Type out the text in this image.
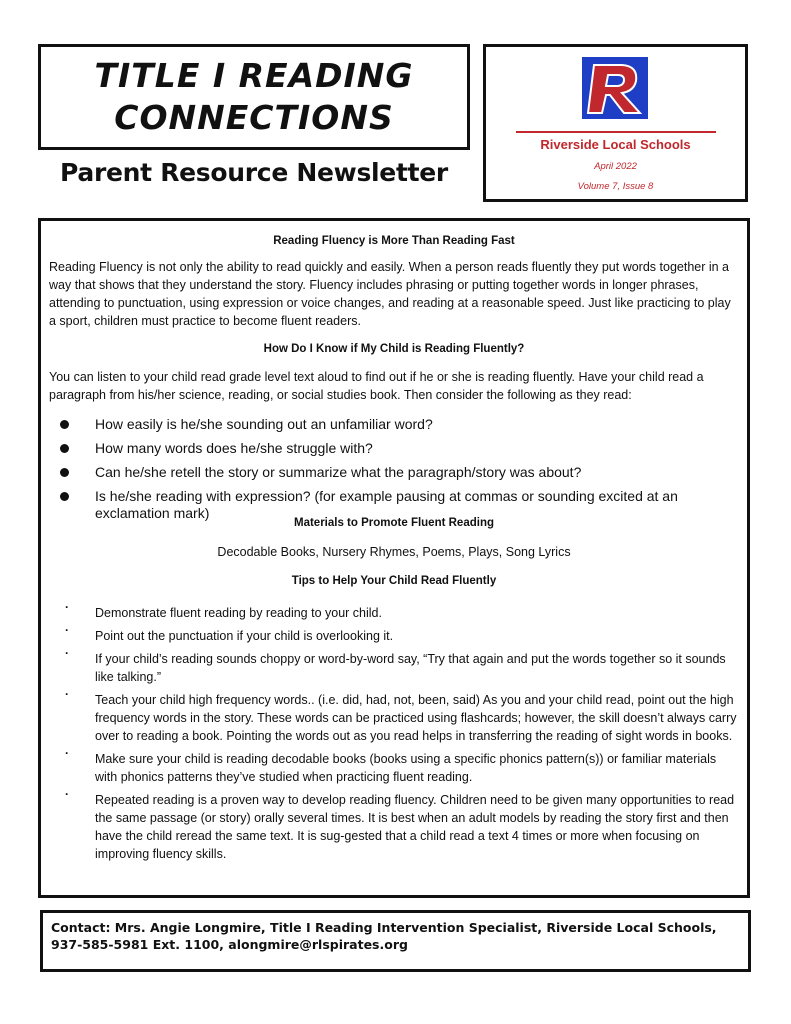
TITLE I READING
CONNECTIONS
Parent Resource Newsletter
Riverside Local Schools
April 2022
Volume 7, Issue 8

Reading Fluency is More Than Reading Fast

Reading Fluency is not only the ability to read quickly and easily. When a person reads fluently they put words together in a way that shows that they understand the story. Fluency includes phrasing or putting together words in longer phrases, attending to punctuation, using expression or voice changes, and reading at a reasonable speed. Just like practicing to play a sport, children must practice to become fluent readers.

How Do I Know if My Child is Reading Fluently?

You can listen to your child read grade level text aloud to find out if he or she is reading fluently. Have your child read a paragraph from his/her science, reading, or social studies book. Then consider the following as they read:

How easily is he/she sounding out an unfamiliar word?
How many words does he/she struggle with?
Can he/she retell the story or summarize what the paragraph/story was about?
Is he/she reading with expression? (for example pausing at commas or sounding excited at an exclamation mark)

Materials to Promote Fluent Reading

Decodable Books, Nursery Rhymes, Poems, Plays, Song Lyrics

Tips to Help Your Child Read Fluently

· Demonstrate fluent reading by reading to your child.
· Point out the punctuation if your child is overlooking it.
· If your child’s reading sounds choppy or word-by-word say, “Try that again and put the words together so it sounds like talking.”
· Teach your child high frequency words.. (i.e. did, had, not, been, said) As you and your child read, point out the high frequency words in the story. These words can be practiced using flashcards; however, the skill doesn’t always carry over to reading a book. Pointing the words out as you read helps in transferring the reading of sight words in books.
· Make sure your child is reading decodable books (books using a specific phonics pattern(s)) or familiar materials with phonics patterns they’ve studied when practicing fluent reading.
· Repeated reading is a proven way to develop reading fluency. Children need to be given many opportunities to read the same passage (or story) orally several times. It is best when an adult models by reading the story first and then have the child reread the same text. It is sug-gested that a child read a text 4 times or more when focusing on improving fluency skills.
Contact: Mrs. Angie Longmire, Title I Reading Intervention Specialist, Riverside Local Schools, 937-585-5981 Ext. 1100, alongmire@rlspirates.org
